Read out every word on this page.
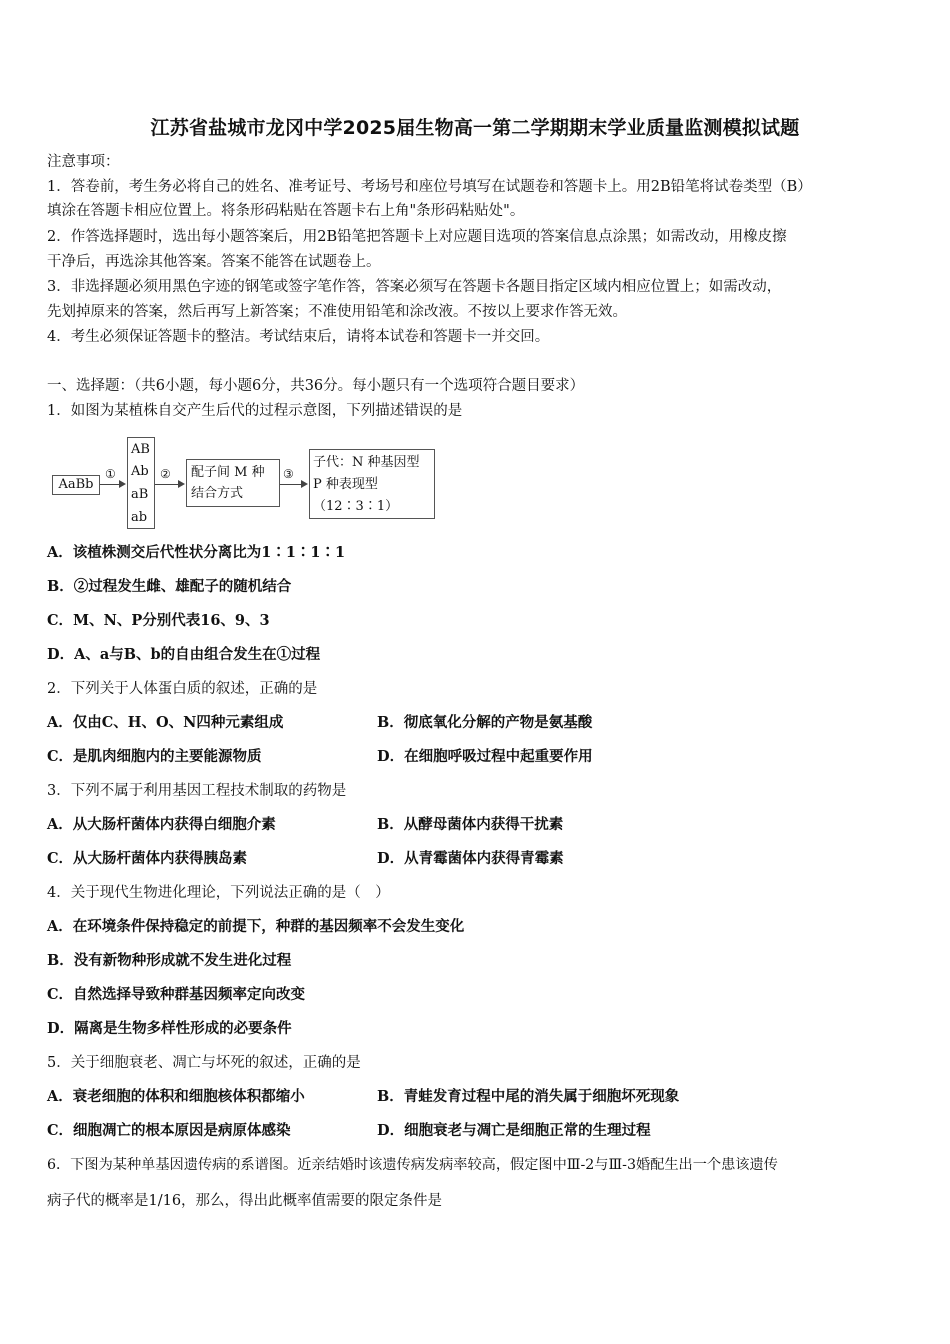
江苏省盐城市龙冈中学2025届生物高一第二学期期末学业质量监测模拟试题
注意事项：
1．答卷前，考生务必将自己的姓名、准考证号、考场号和座位号填写在试题卷和答题卡上。用2B铅笔将试卷类型（B）
填涂在答题卡相应位置上。将条形码粘贴在答题卡右上角"条形码粘贴处"。
2．作答选择题时，选出每小题答案后，用2B铅笔把答题卡上对应题目选项的答案信息点涂黑；如需改动，用橡皮擦
干净后，再选涂其他答案。答案不能答在试题卷上。
3．非选择题必须用黑色字迹的钢笔或签字笔作答，答案必须写在答题卡各题目指定区域内相应位置上；如需改动，
先划掉原来的答案，然后再写上新答案；不准使用铅笔和涂改液。不按以上要求作答无效。
4．考生必须保证答题卡的整洁。考试结束后，请将本试卷和答题卡一并交回。
一、选择题：（共6小题，每小题6分，共36分。每小题只有一个选项符合题目要求）
1．如图为某植株自交产生后代的过程示意图，下列描述错误的是
AaBb
①
AB
Ab
aB
ab
② 配子间 M 种
结合方式
③
子代：N 种基因型
P 种表现型
（12∶3∶1）
A．该植株测交后代性状分离比为1∶1∶1∶1
B．②过程发生雌、雄配子的随机结合
C．M、N、P分别代表16、9、3
D．A、a与B、b的自由组合发生在①过程
2．下列关于人体蛋白质的叙述，正确的是
A．仅由C、H、O、N四种元素组成	B．彻底氧化分解的产物是氨基酸
C．是肌肉细胞内的主要能源物质	D．在细胞呼吸过程中起重要作用
3．下列不属于利用基因工程技术制取的药物是
A．从大肠杆菌体内获得白细胞介素	B．从酵母菌体内获得干扰素
C．从大肠杆菌体内获得胰岛素	D．从青霉菌体内获得青霉素
4．关于现代生物进化理论，下列说法正确的是（　）
A．在环境条件保持稳定的前提下，种群的基因频率不会发生变化
B．没有新物种形成就不发生进化过程
C．自然选择导致种群基因频率定向改变
D．隔离是生物多样性形成的必要条件
5．关于细胞衰老、凋亡与坏死的叙述，正确的是
A．衰老细胞的体积和细胞核体积都缩小	B．青蛙发育过程中尾的消失属于细胞坏死现象
C．细胞凋亡的根本原因是病原体感染	D．细胞衰老与凋亡是细胞正常的生理过程
6．下图为某种单基因遗传病的系谱图。近亲结婚时该遗传病发病率较高，假定图中Ⅲ-2与Ⅲ-3婚配生出一个患该遗传
病子代的概率是1/16，那么，得出此概率值需要的限定条件是
